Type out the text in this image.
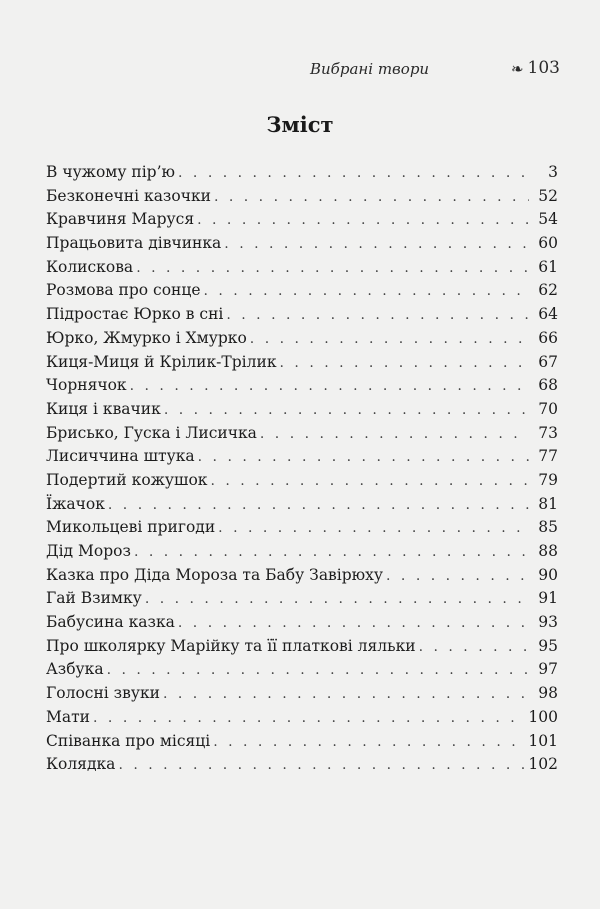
Вибрані твори	❧ 103
Зміст
В чужому пір’ю . . .	3
Безконечні казочки . . .	52
Кравчиня Маруся . . .	54
Працьовита дівчинка . . .	60
Колискова . . .	61
Розмова про сонце . . .	62
Підростає Юрко в сні . . .	64
Юрко, Жмурко і Хмурко . . .	66
Киця-Миця й Крілик-Трілик . . .	67
Чорнячок . . .	68
Киця і квачик . . .	70
Брисько, Гуска і Лисичка . . .	73
Лисиччина штука . . .	77
Подертий кожушок . . .	79
Їжачок . . .	81
Микольцеві пригоди . . .	85
Дід Мороз . . .	88
Казка про Діда Мороза та Бабу Завірюху . . .	90
Гай Взимку . . .	91
Бабусина казка . . .	93
Про школярку Марійку та її платкові ляльки . . .	95
Азбука . . .	97
Голосні звуки . . .	98
Мати . . .	100
Співанка про місяці . . .	101
Колядка . . .	102
